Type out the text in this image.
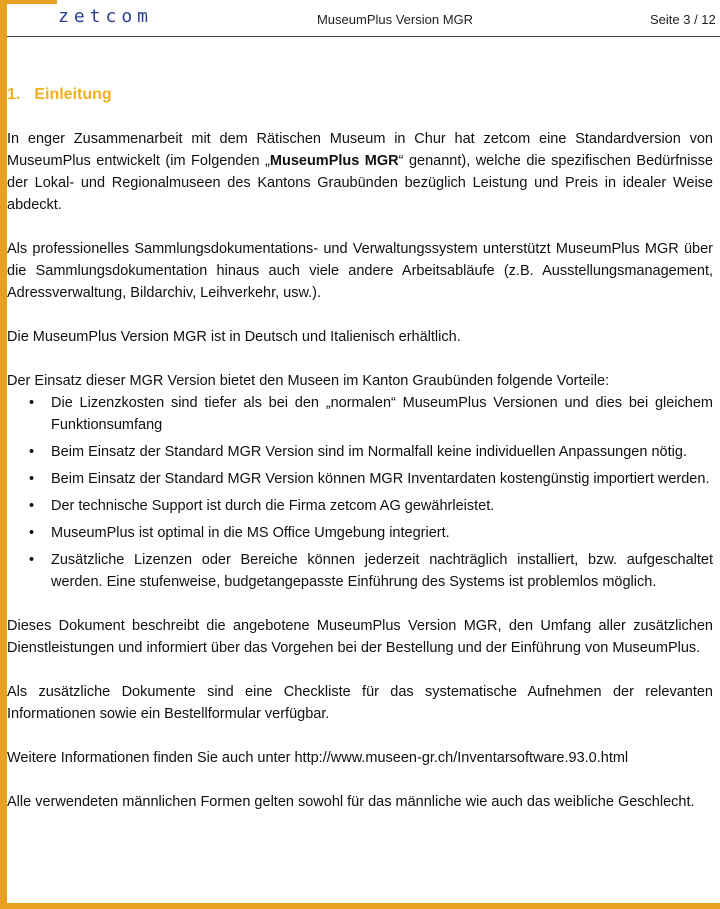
zetcom	MuseumPlus Version MGR	Seite 3 / 12
1. Einleitung

In enger Zusammenarbeit mit dem Rätischen Museum in Chur hat zetcom eine Standardversion von MuseumPlus entwickelt (im Folgenden „MuseumPlus MGR“ genannt), welche die spezifischen Bedürfnisse der Lokal- und Regionalmuseen des Kantons Graubünden bezüglich Leistung und Preis in idealer Weise abdeckt.

Als professionelles Sammlungsdokumentations- und Verwaltungssystem unterstützt MuseumPlus MGR über die Sammlungsdokumentation hinaus auch viele andere Arbeitsabläufe (z.B. Ausstellungsmanagement, Adressverwaltung, Bildarchiv, Leihverkehr, usw.).

Die MuseumPlus Version MGR ist in Deutsch und Italienisch erhältlich.

Der Einsatz dieser MGR Version bietet den Museen im Kanton Graubünden folgende Vorteile:

• Die Lizenzkosten sind tiefer als bei den „normalen“ MuseumPlus Versionen und dies bei gleichem Funktionsumfang
• Beim Einsatz der Standard MGR Version sind im Normalfall keine individuellen Anpassungen nötig.
• Beim Einsatz der Standard MGR Version können MGR Inventardaten kostengünstig importiert werden.
• Der technische Support ist durch die Firma zetcom AG gewährleistet.
• MuseumPlus ist optimal in die MS Office Umgebung integriert.
• Zusätzliche Lizenzen oder Bereiche können jederzeit nachträglich installiert, bzw. aufgeschaltet werden. Eine stufenweise, budgetangepasste Einführung des Systems ist problemlos möglich.

Dieses Dokument beschreibt die angebotene MuseumPlus Version MGR, den Umfang aller zusätzlichen Dienstleistungen und informiert über das Vorgehen bei der Bestellung und der Einführung von MuseumPlus.

Als zusätzliche Dokumente sind eine Checkliste für das systematische Aufnehmen der relevanten Informationen sowie ein Bestellformular verfügbar.

Weitere Informationen finden Sie auch unter http://www.museen-gr.ch/Inventarsoftware.93.0.html

Alle verwendeten männlichen Formen gelten sowohl für das männliche wie auch das weibliche Geschlecht.
